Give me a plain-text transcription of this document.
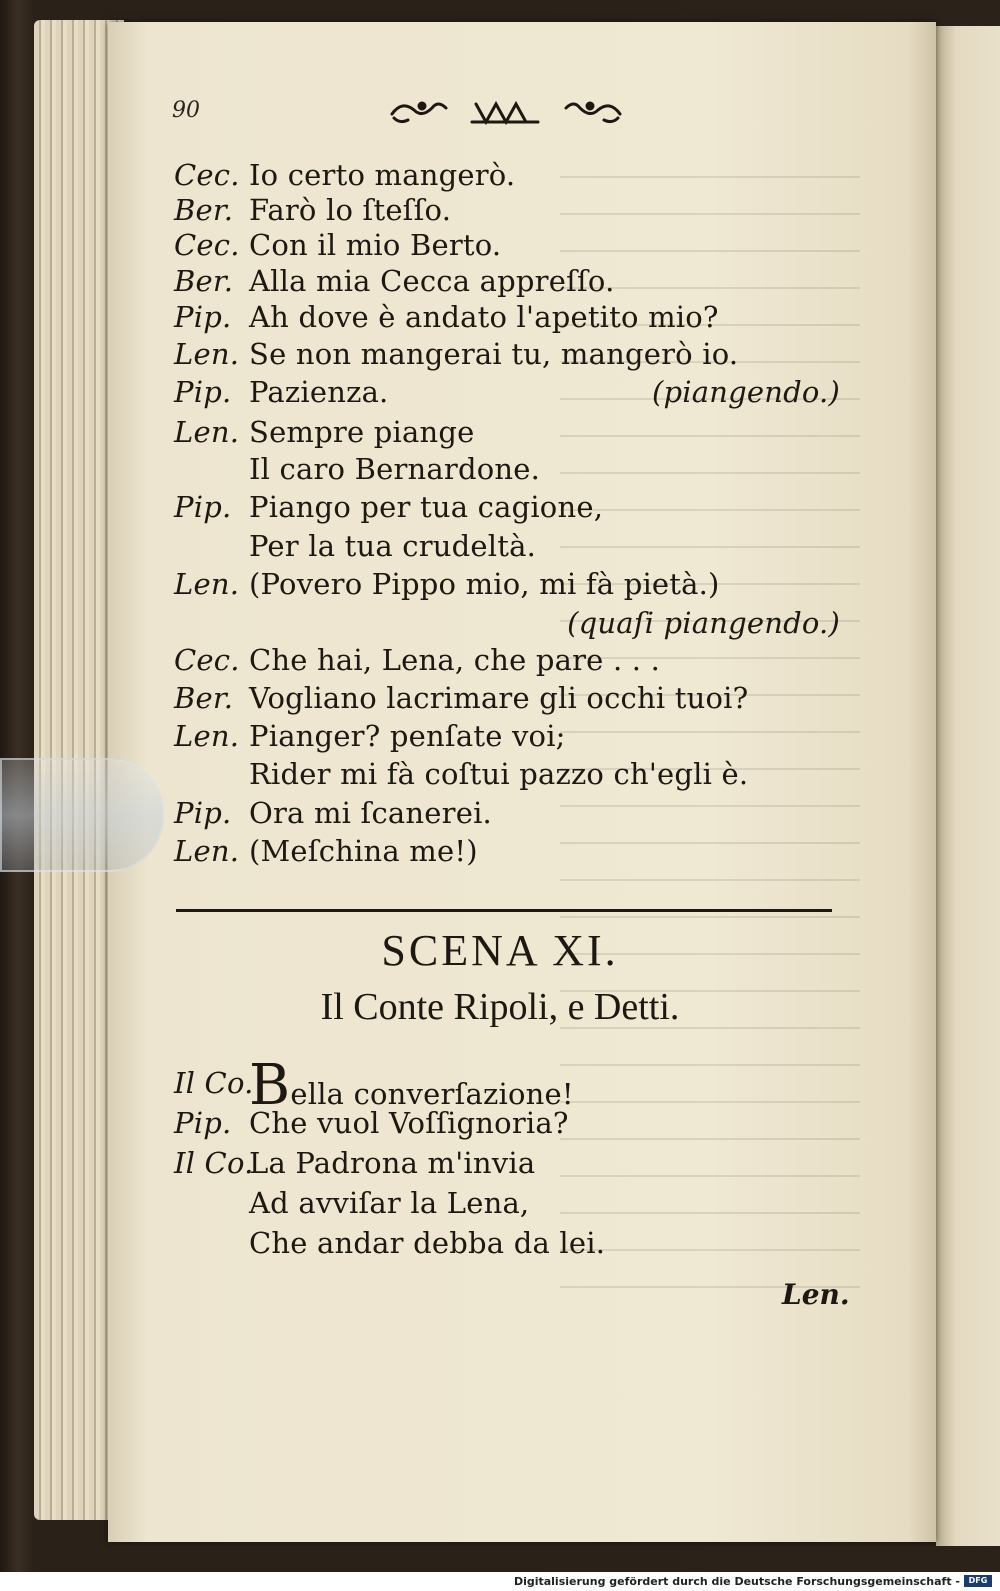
90
Cec. Io certo mangerò.
Ber. Farò lo ſteſſo.
Cec. Con il mio Berto.
Ber. Alla mia Cecca appreſſo.
Pip. Ah dove è andato l'apetito mio?
Len. Se non mangerai tu, mangerò io.
Pip. Pazienza.	(piangendo.)
Len. Sempre piange
Il caro Bernardone.
Pip. Piango per tua cagione,
Per la tua crudeltà.
Len. (Povero Pippo mio, mi fà pietà.)
(quaſi piangendo.)
Cec. Che hai, Lena, che pare . . .
Ber. Vogliano lacrimare gli occhi tuoi?
Len. Pianger? penſate voi;
Rider mi fà coſtui pazzo ch'egli è.
Pip. Ora mi ſcanerei.
Len. (Meſchina me!)
SCENA XI.
Il Conte Ripoli, e Detti.
Il Co.
Bella converſazione!
Pip. Che vuol Voſſignoria?
Il Co.
La Padrona m'invia
Ad avviſar la Lena,
Che andar debba da lei.
Len.
Digitalisierung gefördert durch die Deutsche Forschungsgemeinschaft -	DFG
